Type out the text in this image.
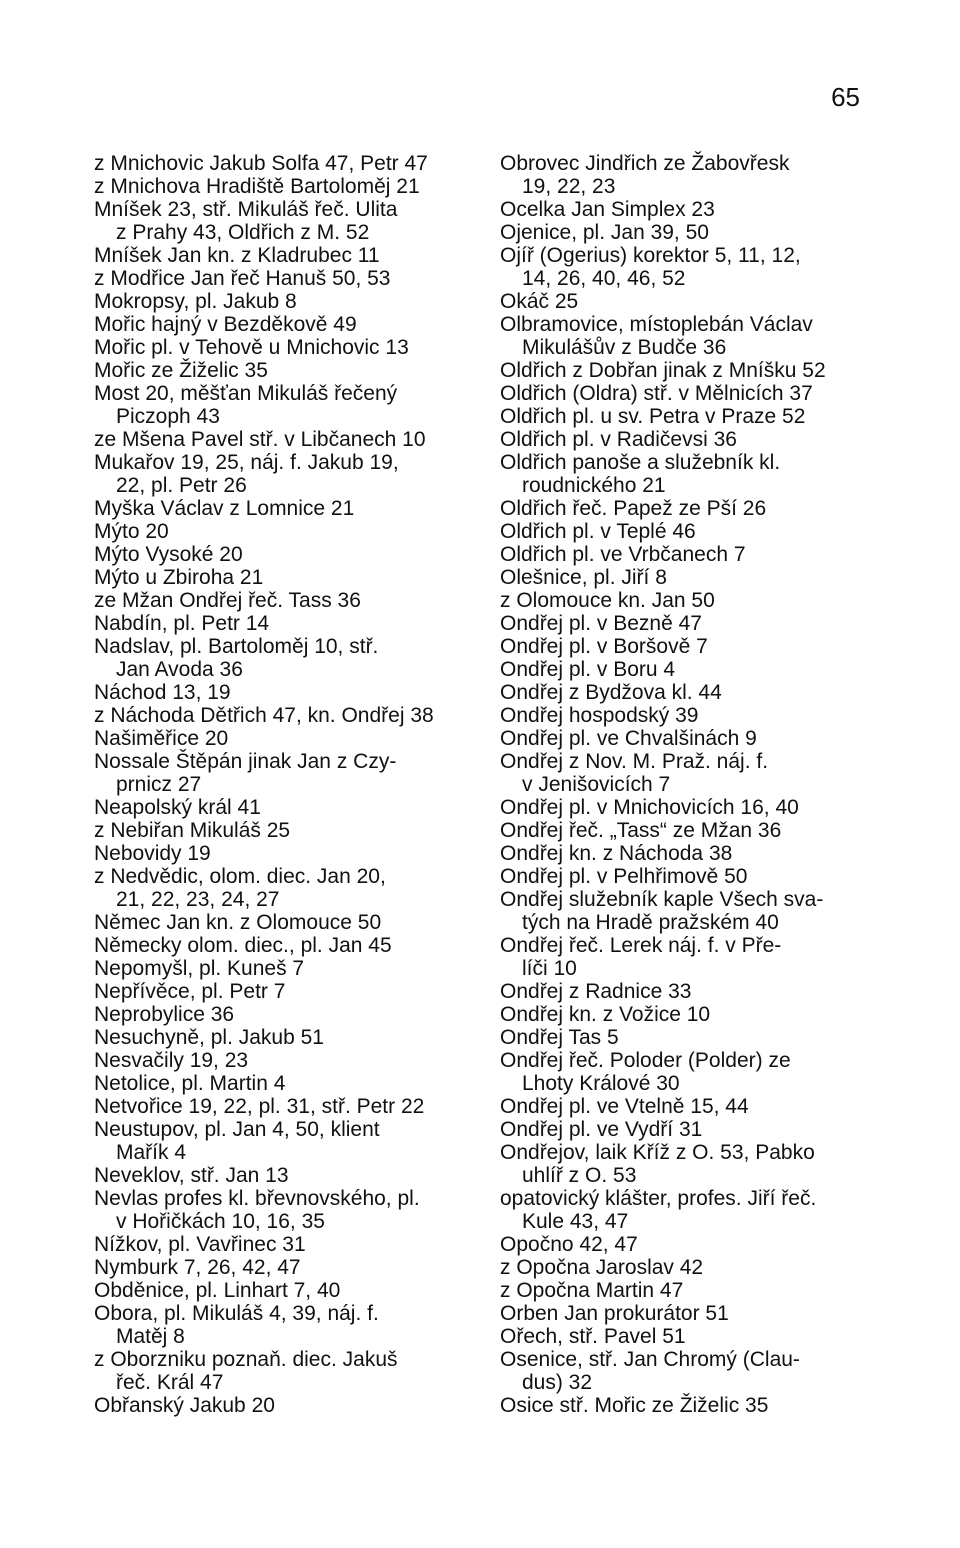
65
z Mnichovic Jakub Solfa 47, Petr 47
z Mnichova Hradiště Bartoloměj 21
Mníšek 23, stř. Mikuláš řeč. Ulita
z Prahy 43, Oldřich z M. 52
Mníšek Jan kn. z Kladrubec 11
z Modřice Jan řeč Hanuš 50, 53
Mokropsy, pl. Jakub 8
Mořic hajný v Bezděkově 49
Mořic pl. v Tehově u Mnichovic 13
Mořic ze Žiželic 35
Most 20, měšťan Mikuláš řečený
Piczoph 43
ze Mšena Pavel stř. v Libčanech 10
Mukařov 19, 25, náj. f. Jakub 19,
22, pl. Petr 26
Myška Václav z Lomnice 21
Mýto 20
Mýto Vysoké 20
Mýto u Zbiroha 21
ze Mžan Ondřej řeč. Tass 36
Nabdín, pl. Petr 14
Nadslav, pl. Bartoloměj 10, stř.
Jan Avoda 36
Náchod 13, 19
z Náchoda Dětřich 47, kn. Ondřej 38
Našiměřice 20
Nossale Štěpán jinak Jan z Czy-
prnicz 27
Neapolský král 41
z Nebiřan Mikuláš 25
Nebovidy 19
z Nedvědic, olom. diec. Jan 20,
21, 22, 23, 24, 27
Němec Jan kn. z Olomouce 50
Německy olom. diec., pl. Jan 45
Nepomyšl, pl. Kuneš 7
Nepřívěce, pl. Petr 7
Neprobylice 36
Nesuchyně, pl. Jakub 51
Nesvačily 19, 23
Netolice, pl. Martin 4
Netvořice 19, 22, pl. 31, stř. Petr 22
Neustupov, pl. Jan 4, 50, klient
Mařík 4
Neveklov, stř. Jan 13
Nevlas profes kl. břevnovského, pl.
v Hořičkách 10, 16, 35
Nížkov, pl. Vavřinec 31
Nymburk 7, 26, 42, 47
Obděnice, pl. Linhart 7, 40
Obora, pl. Mikuláš 4, 39, náj. f.
Matěj 8
z Oborzniku poznaň. diec. Jakuš
řeč. Král 47
Obřanský Jakub 20
Obrovec Jindřich ze Žabovřesk
19, 22, 23
Ocelka Jan Simplex 23
Ojenice, pl. Jan 39, 50
Ojíř (Ogerius) korektor 5, 11, 12,
14, 26, 40, 46, 52
Okáč 25
Olbramovice, místoplebán Václav
Mikulášův z Budče 36
Oldřich z Dobřan jinak z Mníšku 52
Oldřich (Oldra) stř. v Mělnicích 37
Oldřich pl. u sv. Petra v Praze 52
Oldřich pl. v Radičevsi 36
Oldřich panoše a služebník kl.
roudnického 21
Oldřich řeč. Papež ze Pší 26
Oldřich pl. v Teplé 46
Oldřich pl. ve Vrbčanech 7
Olešnice, pl. Jiří 8
z Olomouce kn. Jan 50
Ondřej pl. v Bezně 47
Ondřej pl. v Boršově 7
Ondřej pl. v Boru 4
Ondřej z Bydžova kl. 44
Ondřej hospodský 39
Ondřej pl. ve Chvalšinách 9
Ondřej z Nov. M. Praž. náj. f.
v Jenišovicích 7
Ondřej pl. v Mnichovicích 16, 40
Ondřej řeč. „Tass“ ze Mžan 36
Ondřej kn. z Náchoda 38
Ondřej pl. v Pelhřimově 50
Ondřej služebník kaple Všech sva-
tých na Hradě pražském 40
Ondřej řeč. Lerek náj. f. v Pře-
líči 10
Ondřej z Radnice 33
Ondřej kn. z Vožice 10
Ondřej Tas 5
Ondřej řeč. Poloder (Polder) ze
Lhoty Králové 30
Ondřej pl. ve Vtelně 15, 44
Ondřej pl. ve Vydří 31
Ondřejov, laik Kříž z O. 53, Pabko
uhlíř z O. 53
opatovický klášter, profes. Jiří řeč.
Kule 43, 47
Opočno 42, 47
z Opočna Jaroslav 42
z Opočna Martin 47
Orben Jan prokurátor 51
Ořech, stř. Pavel 51
Osenice, stř. Jan Chromý (Clau-
dus) 32
Osice stř. Mořic ze Žiželic 35
